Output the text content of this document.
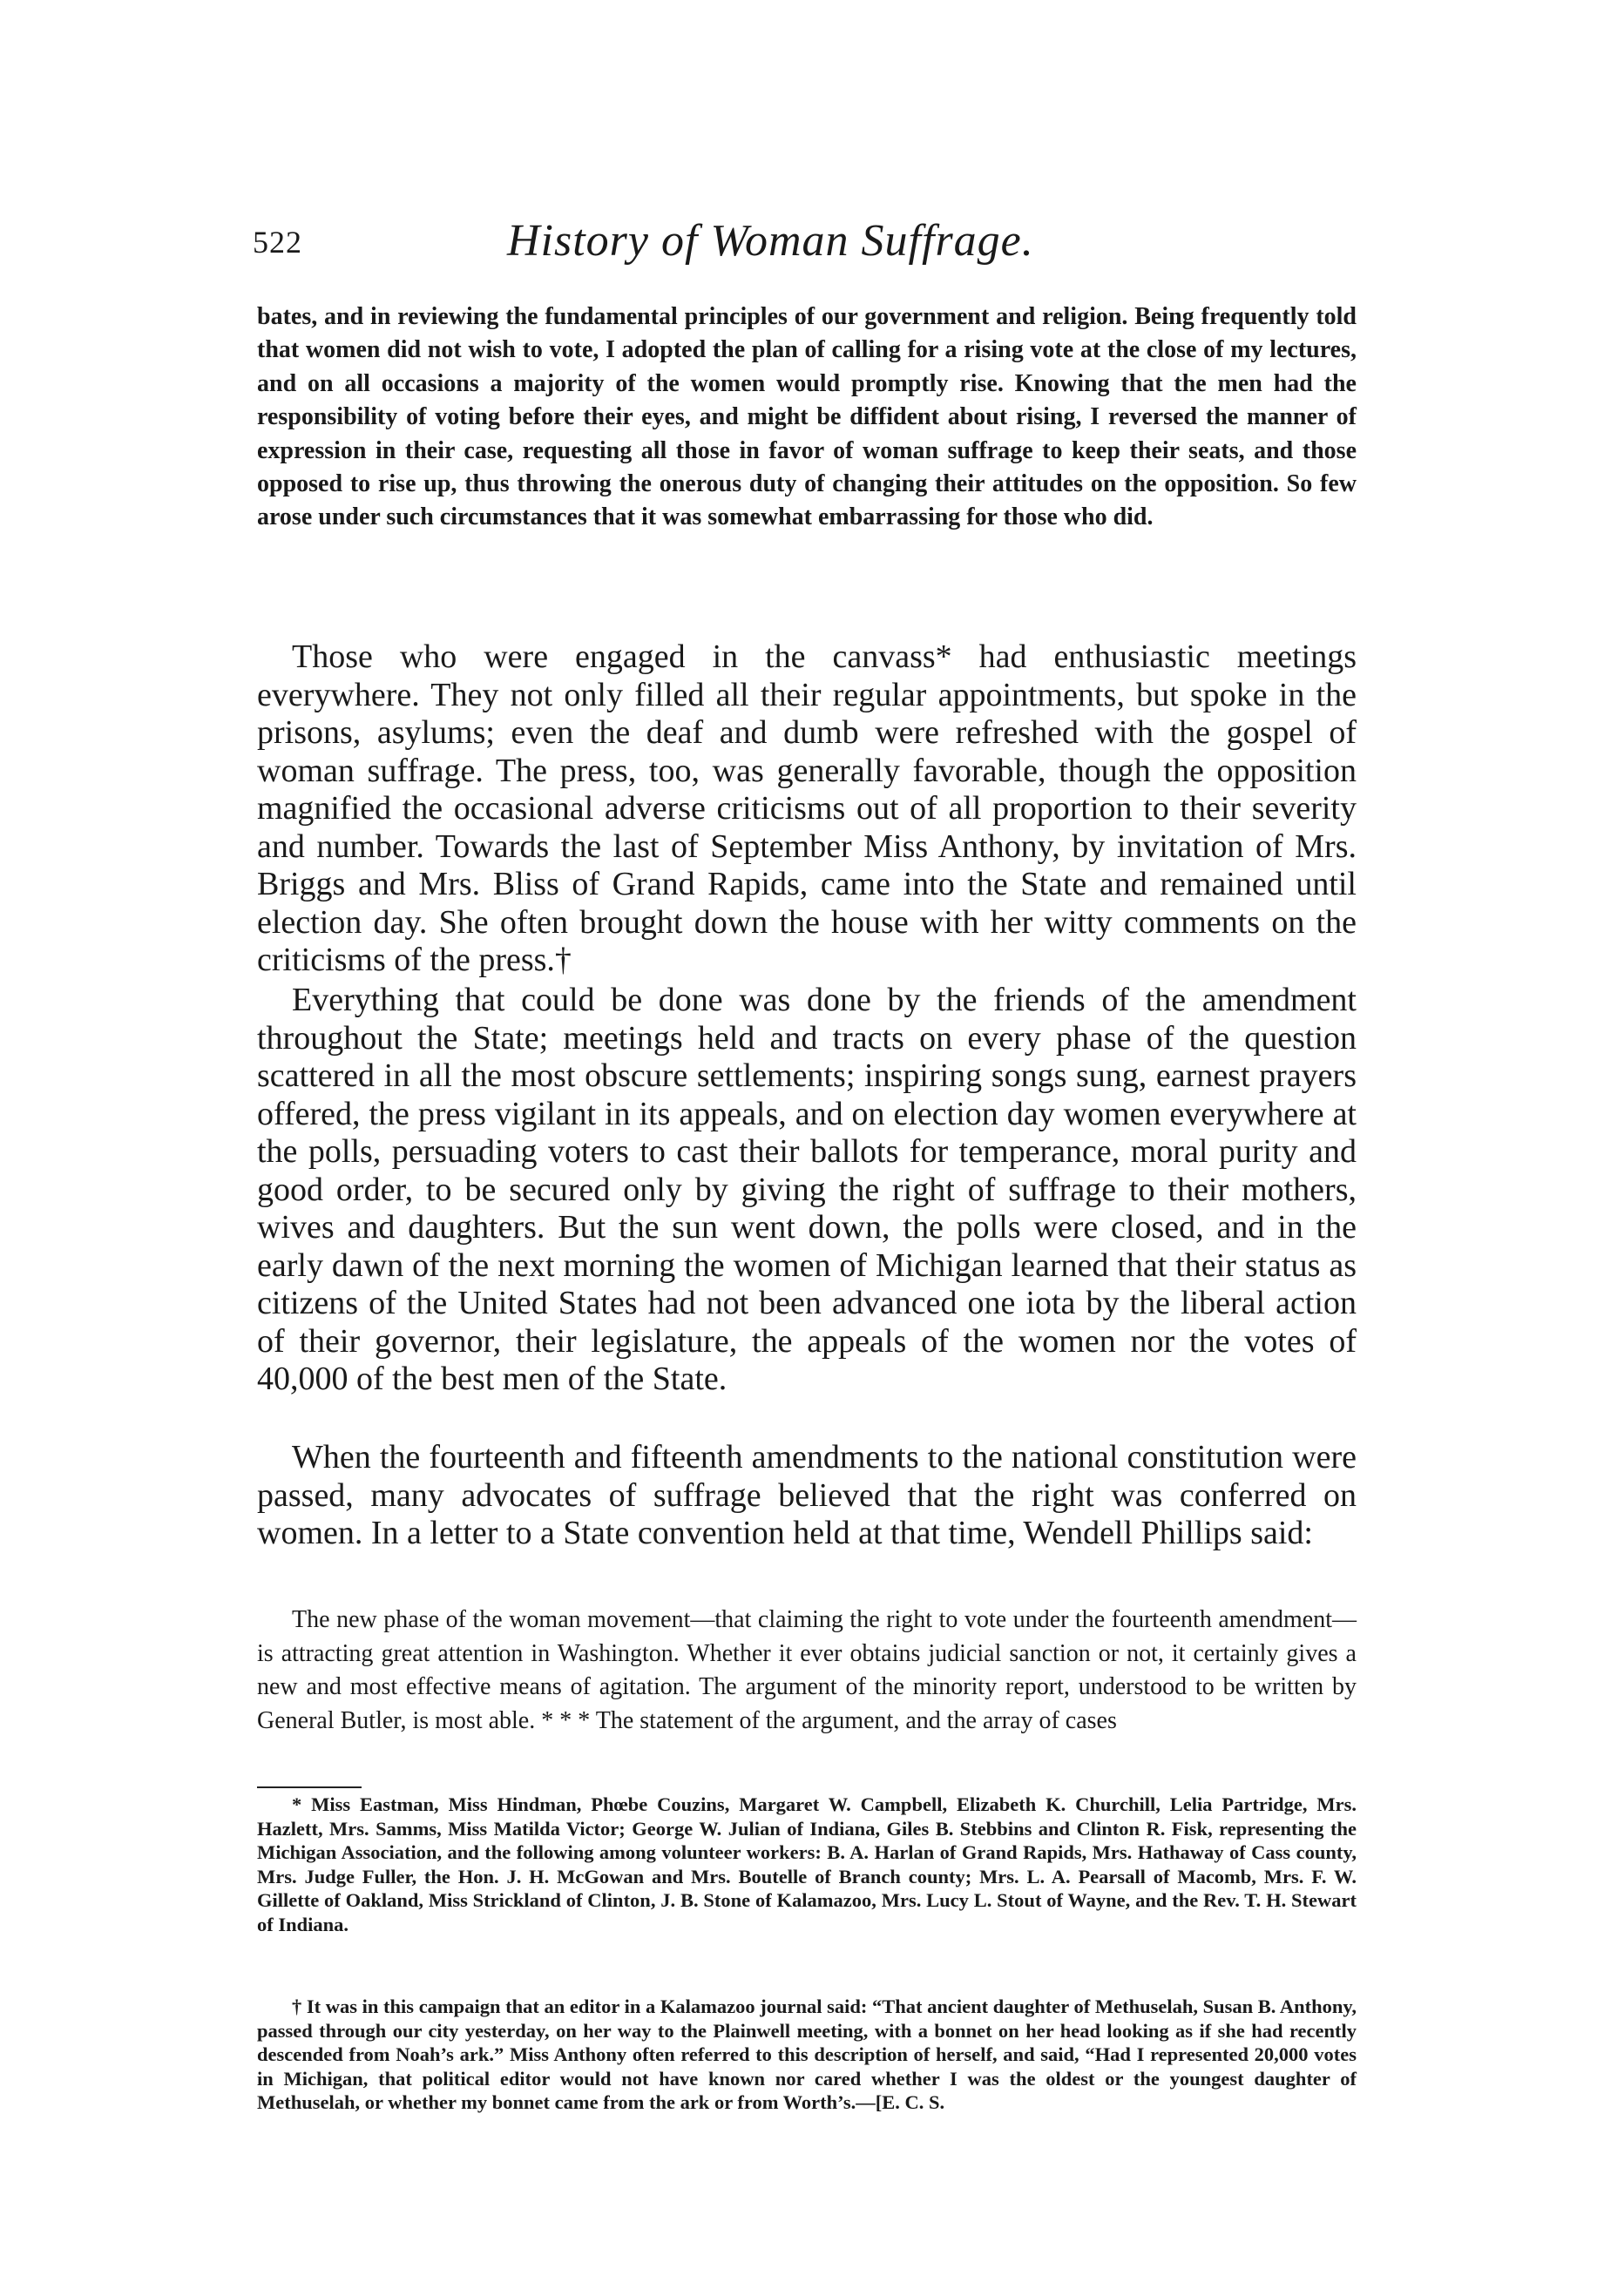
522	History of Woman Suffrage.

bates, and in reviewing the fundamental principles of our government and religion. Being frequently told that women did not wish to vote, I adopted the plan of calling for a rising vote at the close of my lectures, and on all occasions a majority of the women would promptly rise. Knowing that the men had the responsibility of voting before their eyes, and might be diffident about rising, I reversed the manner of expression in their case, requesting all those in favor of woman suffrage to keep their seats, and those opposed to rise up, thus throwing the onerous duty of changing their attitudes on the opposition. So few arose under such circumstances that it was somewhat embarrassing for those who did.

Those who were engaged in the canvass* had enthusiastic meetings everywhere. They not only filled all their regular appointments, but spoke in the prisons, asylums; even the deaf and dumb were refreshed with the gospel of woman suffrage. The press, too, was generally favorable, though the opposition magnified the occasional adverse criticisms out of all proportion to their severity and number. Towards the last of September Miss Anthony, by invitation of Mrs. Briggs and Mrs. Bliss of Grand Rapids, came into the State and remained until election day. She often brought down the house with her witty comments on the criticisms of the press.†

Everything that could be done was done by the friends of the amendment throughout the State; meetings held and tracts on every phase of the question scattered in all the most obscure settlements; inspiring songs sung, earnest prayers offered, the press vigilant in its appeals, and on election day women everywhere at the polls, persuading voters to cast their ballots for temperance, moral purity and good order, to be secured only by giving the right of suffrage to their mothers, wives and daughters. But the sun went down, the polls were closed, and in the early dawn of the next morning the women of Michigan learned that their status as citizens of the United States had not been advanced one iota by the liberal action of their governor, their legislature, the appeals of the women nor the votes of 40,000 of the best men of the State.

When the fourteenth and fifteenth amendments to the national constitution were passed, many advocates of suffrage believed that the right was conferred on women. In a letter to a State convention held at that time, Wendell Phillips said:

The new phase of the woman movement—that claiming the right to vote under the fourteenth amendment—is attracting great attention in Washington. Whether it ever obtains judicial sanction or not, it certainly gives a new and most effective means of agitation. The argument of the minority report, understood to be written by General Butler, is most able. * * * The statement of the argument, and the array of cases

* Miss Eastman, Miss Hindman, Phœbe Couzins, Margaret W. Campbell, Elizabeth K. Churchill, Lelia Partridge, Mrs. Hazlett, Mrs. Samms, Miss Matilda Victor; George W. Julian of Indiana, Giles B. Stebbins and Clinton R. Fisk, representing the Michigan Association, and the following among volunteer workers: B. A. Harlan of Grand Rapids, Mrs. Hathaway of Cass county, Mrs. Judge Fuller, the Hon. J. H. McGowan and Mrs. Boutelle of Branch county; Mrs. L. A. Pearsall of Macomb, Mrs. F. W. Gillette of Oakland, Miss Strickland of Clinton, J. B. Stone of Kalamazoo, Mrs. Lucy L. Stout of Wayne, and the Rev. T. H. Stewart of Indiana.

† It was in this campaign that an editor in a Kalamazoo journal said: “That ancient daughter of Methuselah, Susan B. Anthony, passed through our city yesterday, on her way to the Plainwell meeting, with a bonnet on her head looking as if she had recently descended from Noah’s ark.” Miss Anthony often referred to this description of herself, and said, “Had I represented 20,000 votes in Michigan, that political editor would not have known nor cared whether I was the oldest or the youngest daughter of Methuselah, or whether my bonnet came from the ark or from Worth’s.—[E. C. S.
